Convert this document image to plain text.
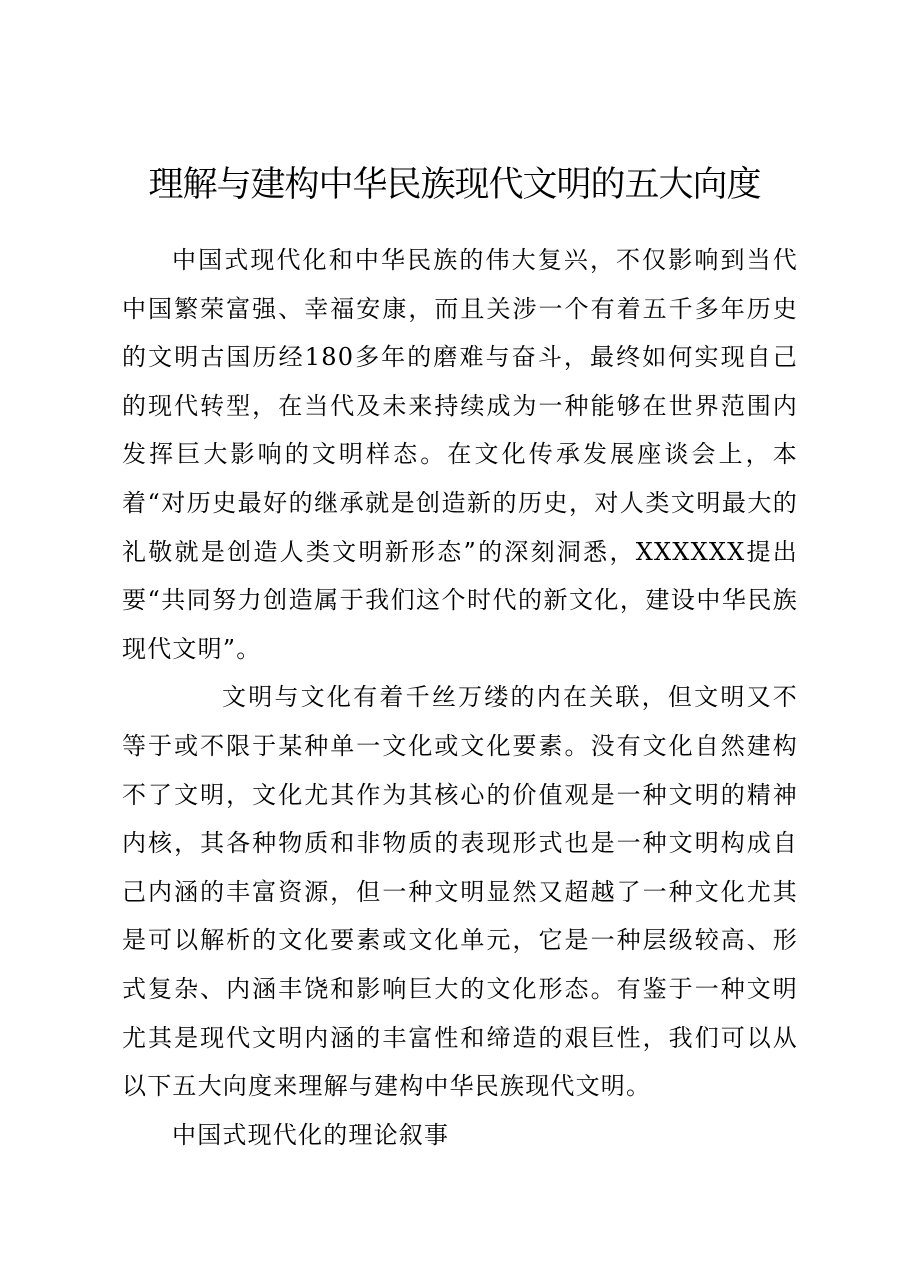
理解与建构中华民族现代文明的五大向度

中国式现代化和中华民族的伟大复兴，不仅影响到当代中国繁荣富强、幸福安康，而且关涉一个有着五千多年历史的文明古国历经180多年的磨难与奋斗，最终如何实现自己的现代转型，在当代及未来持续成为一种能够在世界范围内发挥巨大影响的文明样态。在文化传承发展座谈会上，本着“对历史最好的继承就是创造新的历史，对人类文明最大的礼敬就是创造人类文明新形态”的深刻洞悉，XXXXXX提出要“共同努力创造属于我们这个时代的新文化，建设中华民族现代文明”。

文明与文化有着千丝万缕的内在关联，但文明又不等于或不限于某种单一文化或文化要素。没有文化自然建构不了文明，文化尤其作为其核心的价值观是一种文明的精神内核，其各种物质和非物质的表现形式也是一种文明构成自己内涵的丰富资源，但一种文明显然又超越了一种文化尤其是可以解析的文化要素或文化单元，它是一种层级较高、形式复杂、内涵丰饶和影响巨大的文化形态。有鉴于一种文明尤其是现代文明内涵的丰富性和缔造的艰巨性，我们可以从以下五大向度来理解与建构中华民族现代文明。

中国式现代化的理论叙事
